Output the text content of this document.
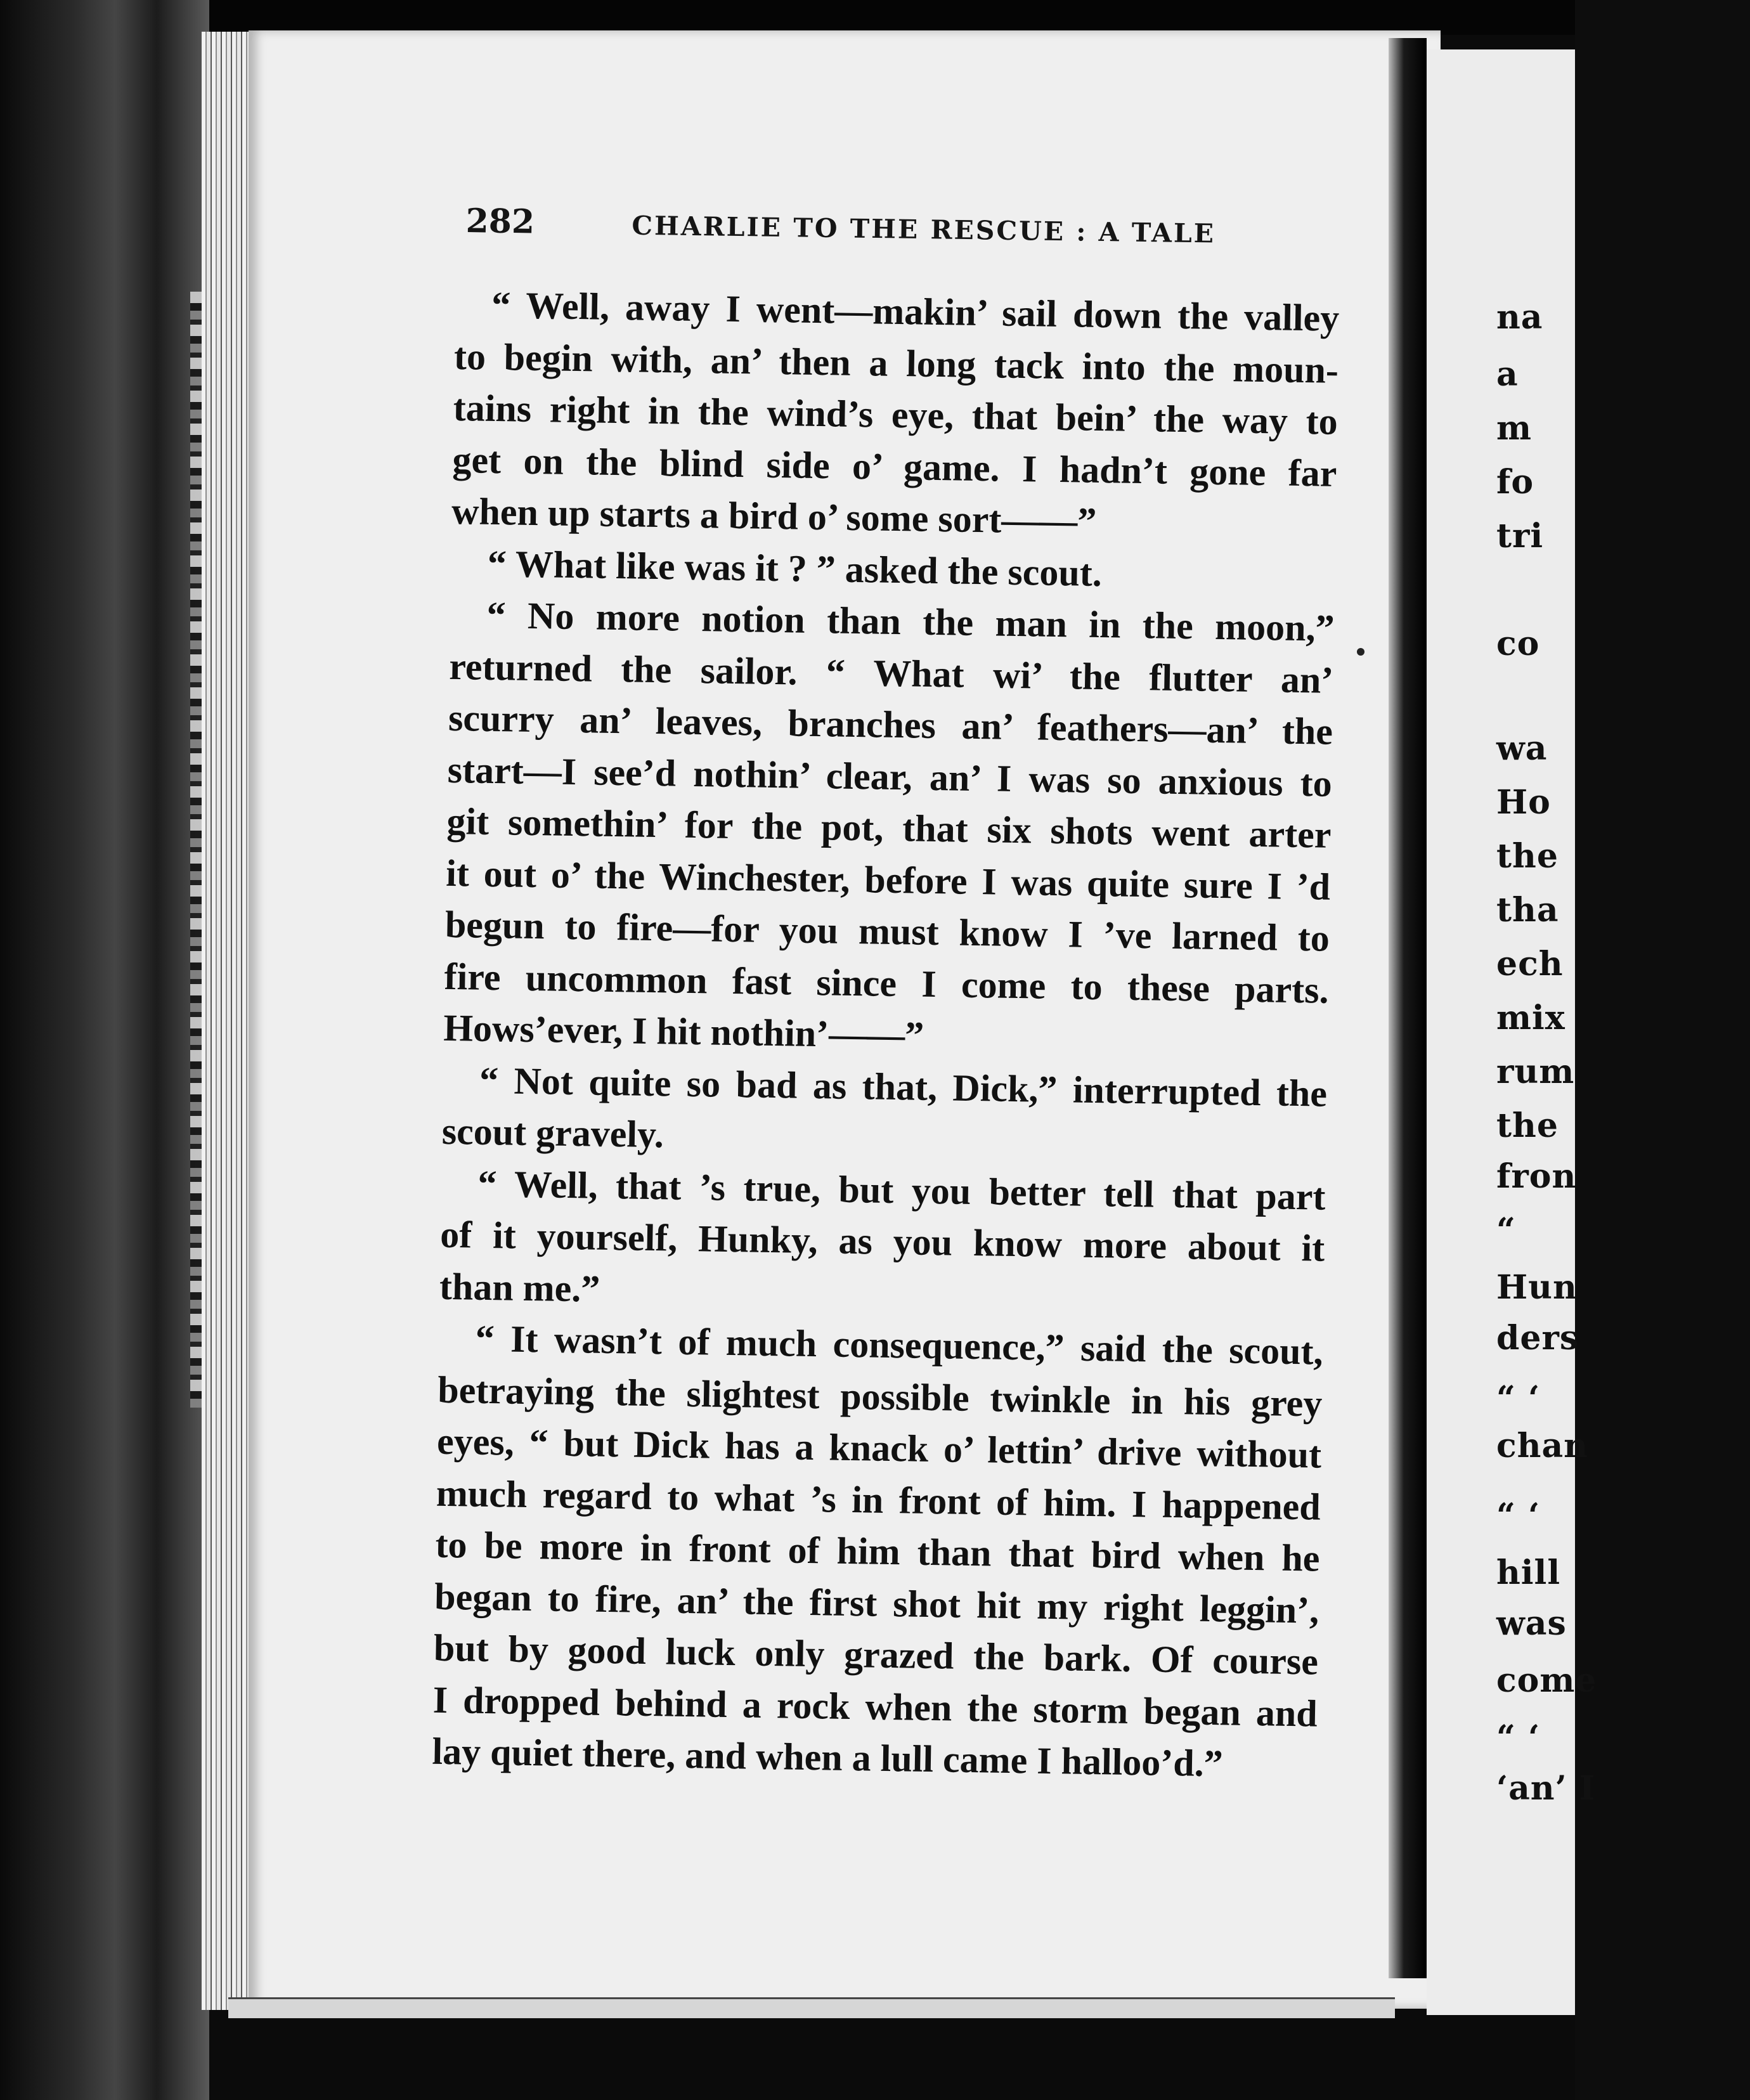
282	CHARLIE TO THE RESCUE : A TALE

“ Well, away I went—makin’ sail down the valley
to begin with, an’ then a long tack into the moun-
tains right in the wind’s eye, that bein’ the way to
get on the blind side o’ game. I hadn’t gone far
when up starts a bird o’ some sort——”
“ What like was it ? ” asked the scout.
“ No more notion than the man in the moon,”
returned the sailor. “ What wi’ the flutter an’
scurry an’ leaves, branches an’ feathers—an’ the
start—I see’d nothin’ clear, an’ I was so anxious to
git somethin’ for the pot, that six shots went arter
it out o’ the Winchester, before I was quite sure I ’d
begun to fire—for you must know I ’ve larned to
fire uncommon fast since I come to these parts.
Hows’ever, I hit nothin’——”
“ Not quite so bad as that, Dick,” interrupted the
scout gravely.
“ Well, that ’s true, but you better tell that part
of it yourself, Hunky, as you know more about it
than me.”
“ It wasn’t of much consequence,” said the scout,
betraying the slightest possible twinkle in his grey
eyes, “ but Dick has a knack o’ lettin’ drive without
much regard to what ’s in front of him. I happened
to be more in front of him than that bird when he
began to fire, an’ the first shot hit my right leggin’,
but by good luck only grazed the bark. Of course
I dropped behind a rock when the storm began and
lay quiet there, and when a lull came I halloo’d.”

na
a
m
fo
tri
co
wa
Ho
the
tha
ech
mix
rum
the
fron
“
Hun
ders
“ ‘
chan
“ ‘
hill
was
come
“ ‘
‘an’ I
